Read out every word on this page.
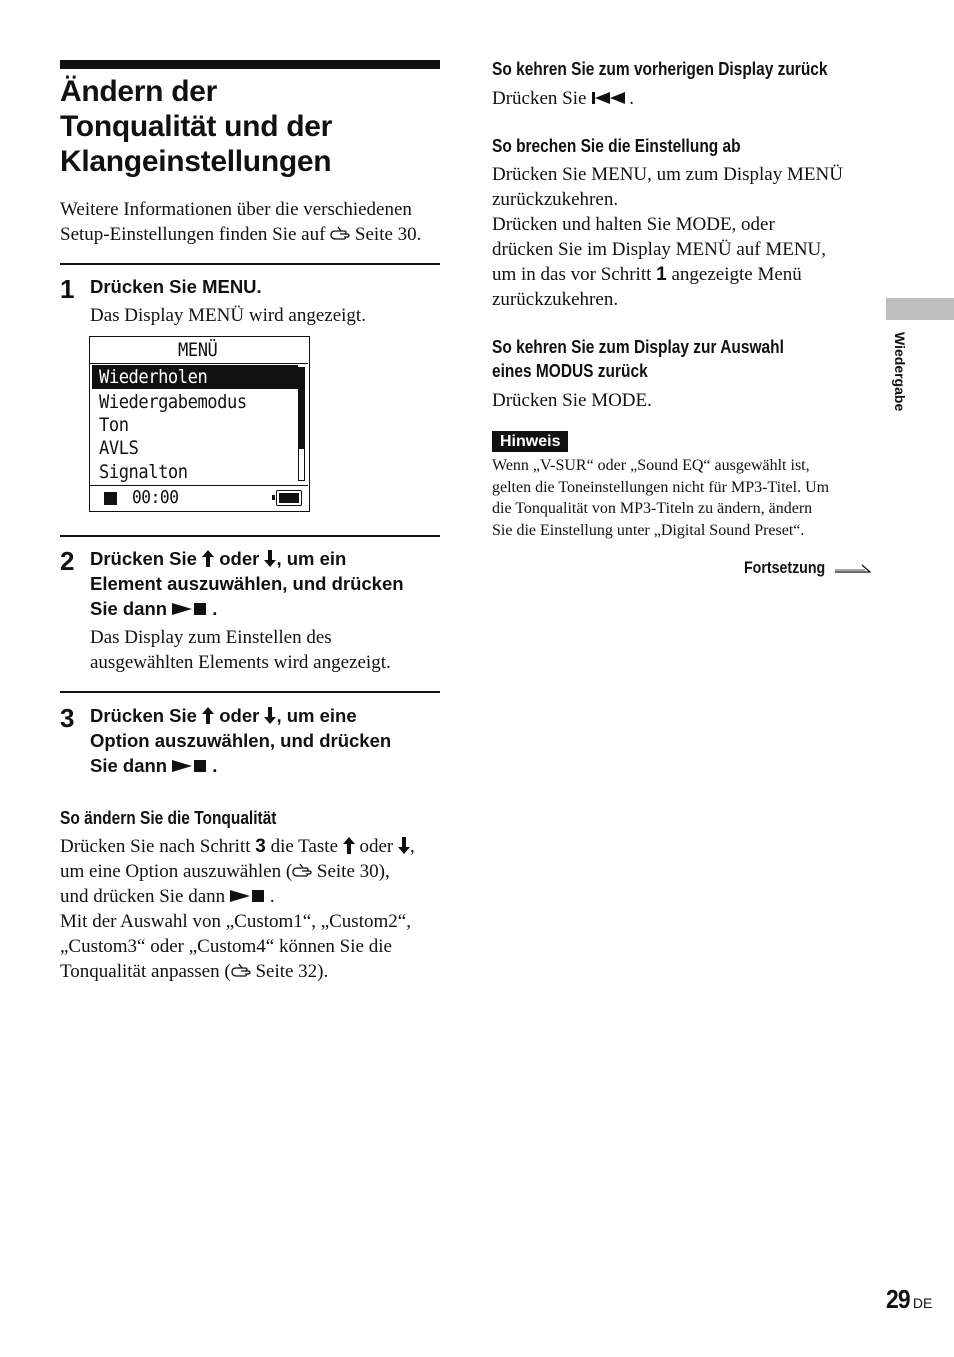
Ändern der
Tonqualität und der
Klangeinstellungen
Weitere Informationen über die verschiedenen
Setup-Einstellungen finden Sie auf Seite 30.
1 Drücken Sie MENU.
Das Display MENÜ wird angezeigt.
MENÜ
Wiederholen
Wiedergabemodus
Ton
AVLS
Signalton
00:00
2 Drücken Sie oder , um ein
Element auszuwählen, und drücken
Sie dann .
Das Display zum Einstellen des
ausgewählten Elements wird angezeigt.
3 Drücken Sie oder , um eine
Option auszuwählen, und drücken
Sie dann .
So ändern Sie die Tonqualität
Drücken Sie nach Schritt 3 die Taste oder ,
um eine Option auszuwählen ( Seite 30),
und drücken Sie dann .
Mit der Auswahl von „Custom1“, „Custom2“,
„Custom3“ oder „Custom4“ können Sie die
Tonqualität anpassen ( Seite 32).
So kehren Sie zum vorherigen Display zurück
Drücken Sie .
So brechen Sie die Einstellung ab
Drücken Sie MENU, um zum Display MENÜ
zurückzukehren.
Drücken und halten Sie MODE, oder
drücken Sie im Display MENÜ auf MENU,
um in das vor Schritt 1 angezeigte Menü
zurückzukehren.
So kehren Sie zum Display zur Auswahl
eines MODUS zurück
Drücken Sie MODE.
Hinweis
Wenn „V-SUR“ oder „Sound EQ“ ausgewählt ist,
gelten die Toneinstellungen nicht für MP3-Titel. Um
die Tonqualität von MP3-Titeln zu ändern, ändern
Sie die Einstellung unter „Digital Sound Preset“.
Fortsetzung
Wiedergabe
29 DE
